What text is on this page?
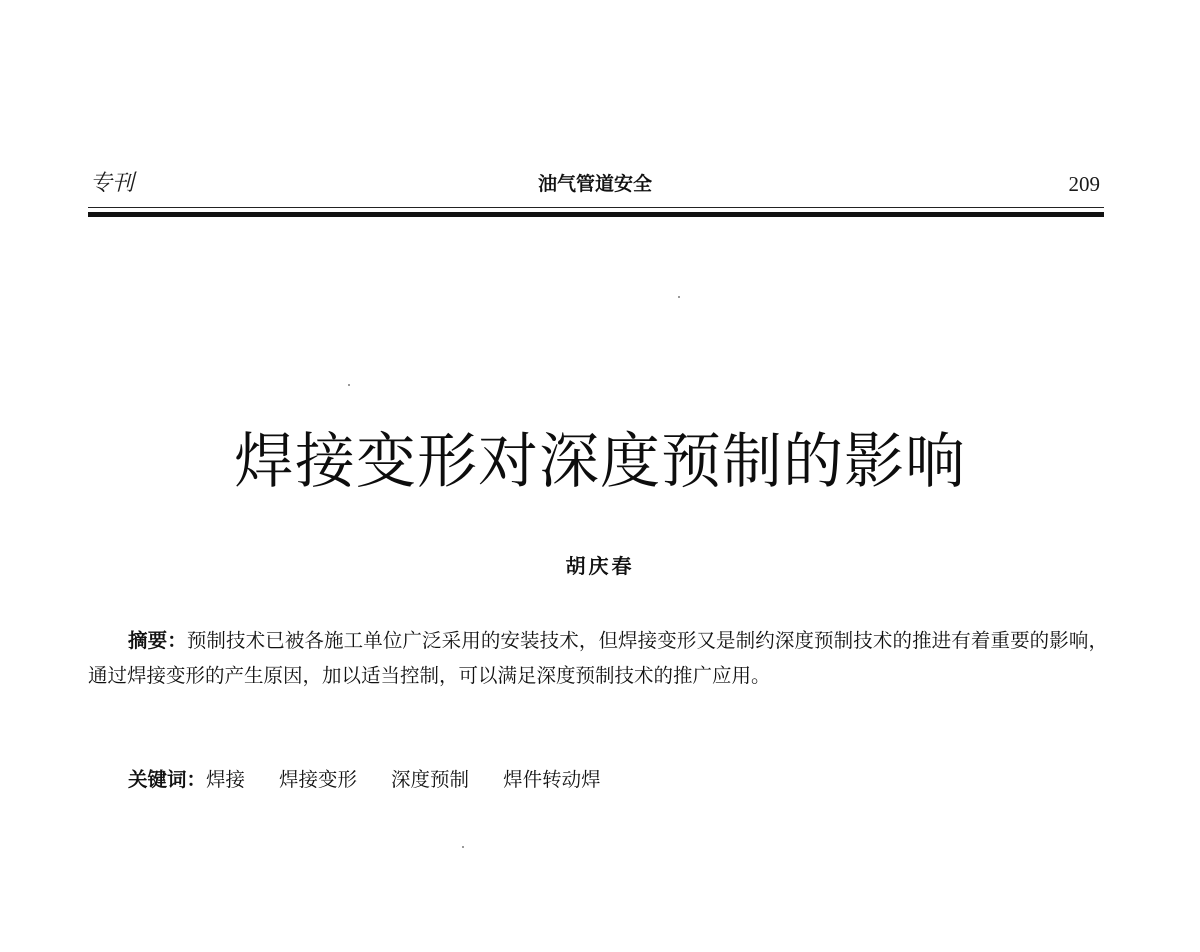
专刊	油气管道安全	209
焊接变形对深度预制的影响
胡庆春

摘要：预制技术已被各施工单位广泛采用的安装技术，但焊接变形又是制约深度预制技术的推进有着重要的影响，通过焊接变形的产生原因，加以适当控制，可以满足深度预制技术的推广应用。

关键词：焊接 焊接变形 深度预制 焊件转动焊
